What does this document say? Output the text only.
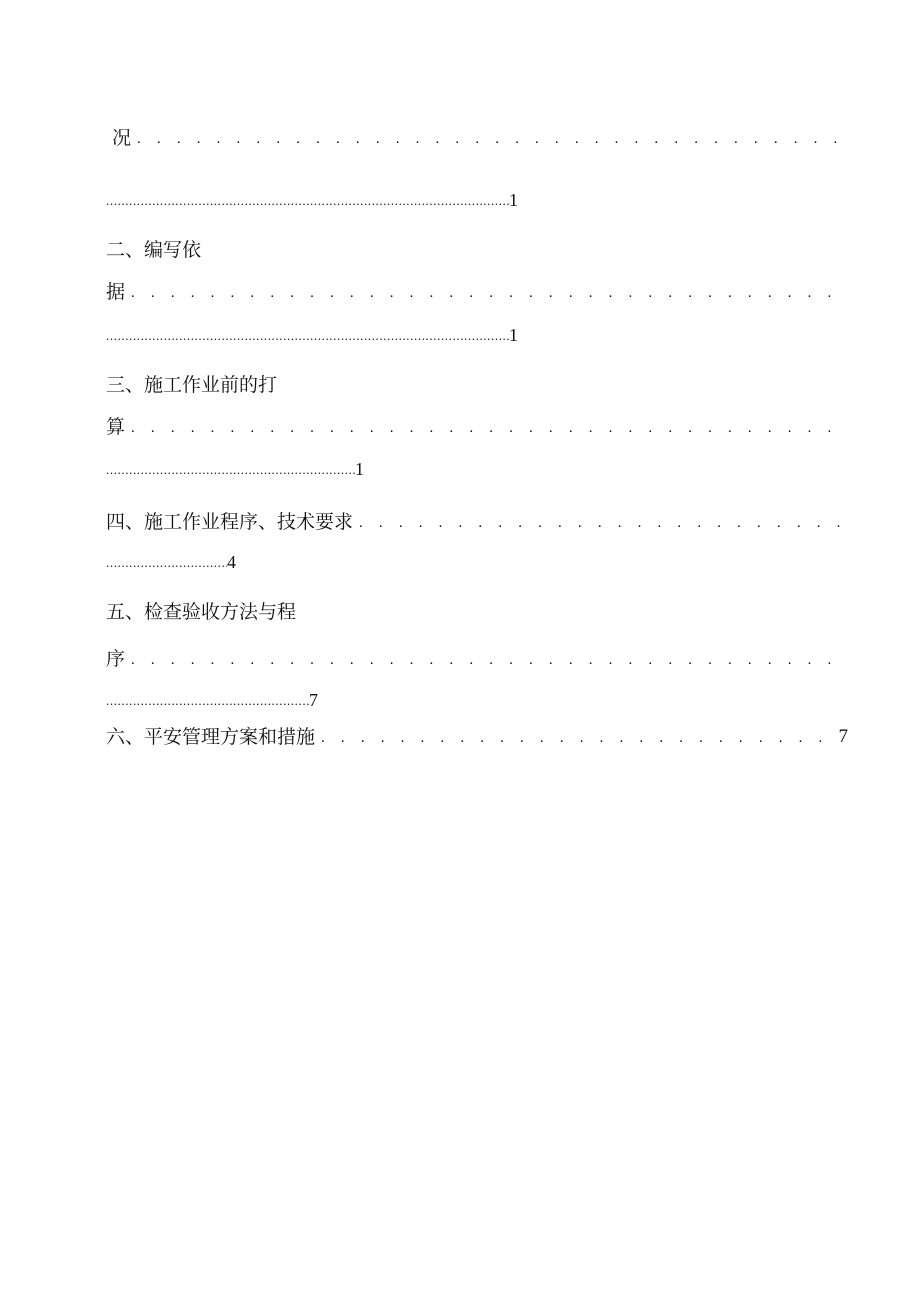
况
. . .
.....
1
二、编写依
据
. . .
.....
1
三、施工作业前的打
算
. . .
.....
1
四、施工作业程序、技术要求
. . .
.....
4
五、检查验收方法与程
序
. . .
.....
7
六、平安管理方案和措施
. . .	7
